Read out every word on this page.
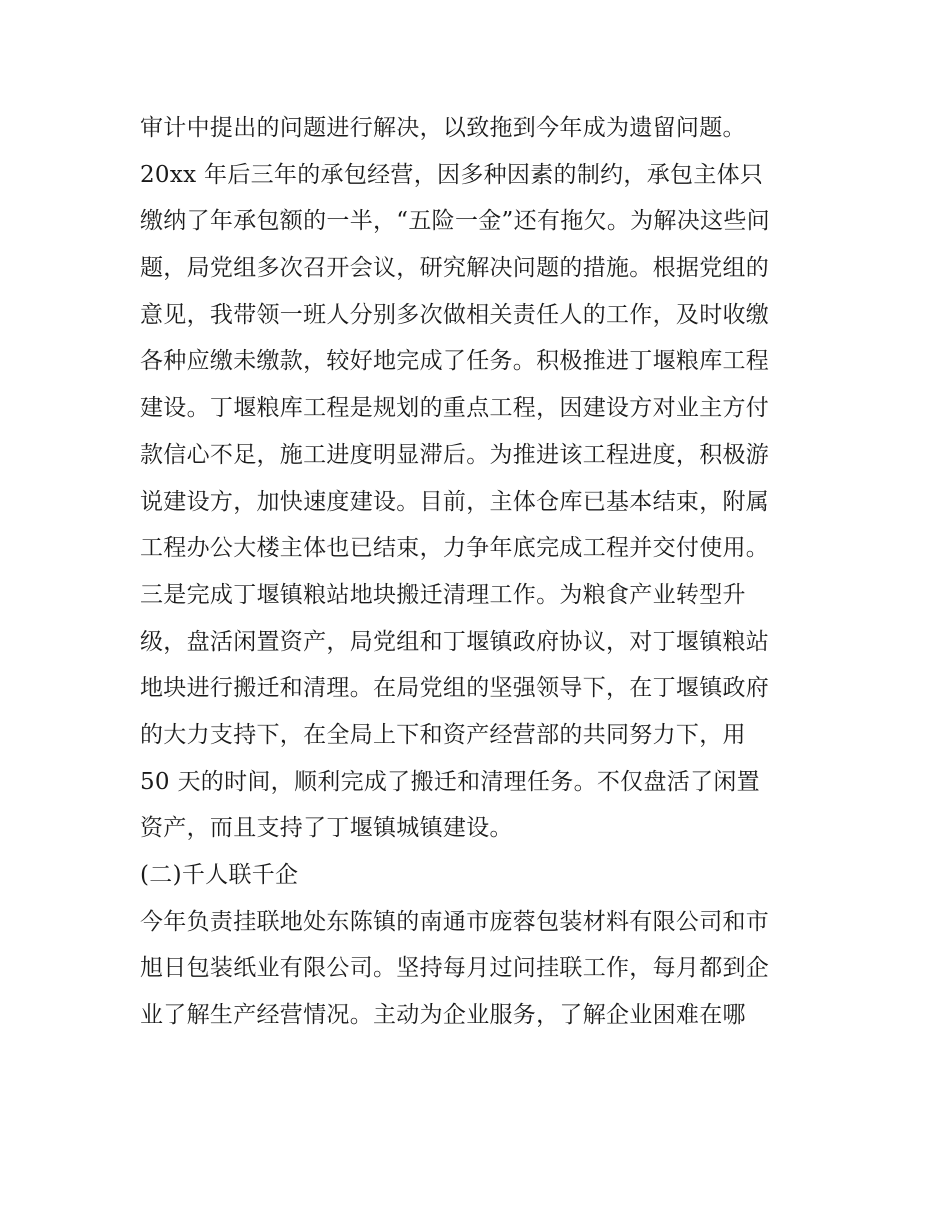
审计中提出的问题进行解决，以致拖到今年成为遗留问题。
20xx 年后三年的承包经营，因多种因素的制约，承包主体只
缴纳了年承包额的一半，“五险一金”还有拖欠。为解决这些问
题，局党组多次召开会议，研究解决问题的措施。根据党组的
意见，我带领一班人分别多次做相关责任人的工作，及时收缴
各种应缴未缴款，较好地完成了任务。积极推进丁堰粮库工程
建设。丁堰粮库工程是规划的重点工程，因建设方对业主方付
款信心不足，施工进度明显滞后。为推进该工程进度，积极游
说建设方，加快速度建设。目前，主体仓库已基本结束，附属
工程办公大楼主体也已结束，力争年底完成工程并交付使用。
三是完成丁堰镇粮站地块搬迁清理工作。为粮食产业转型升
级，盘活闲置资产，局党组和丁堰镇政府协议，对丁堰镇粮站
地块进行搬迁和清理。在局党组的坚强领导下，在丁堰镇政府
的大力支持下，在全局上下和资产经营部的共同努力下，用
50 天的时间，顺利完成了搬迁和清理任务。不仅盘活了闲置
资产，而且支持了丁堰镇城镇建设。
(二)千人联千企
今年负责挂联地处东陈镇的南通市庞蓉包装材料有限公司和市
旭日包装纸业有限公司。坚持每月过问挂联工作，每月都到企
业了解生产经营情况。主动为企业服务，了解企业困难在哪
